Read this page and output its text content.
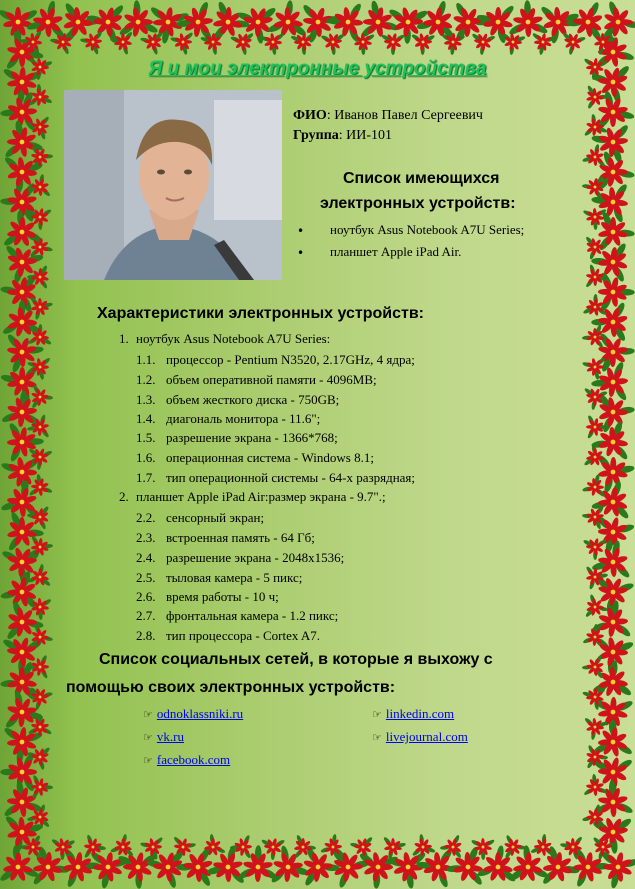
Я и мои электронные устройства
ФИО: Иванов Павел Сергеевич
Группа: ИИ-101
Список имеющихся
электронных устройств:
• ноутбук Asus Notebook A7U Series;
• планшет Apple iPad Air.
Характеристики электронных устройств:
1. ноутбук Asus Notebook A7U Series:
1.1. процессор - Pentium N3520, 2.17GHz, 4 ядра;
1.2. объем оперативной памяти - 4096MB;
1.3. объем жесткого диска - 750GB;
1.4. диагональ монитора - 11.6";
1.5. разрешение экрана - 1366*768;
1.6. операционная система - Windows 8.1;
1.7. тип операционной системы - 64-х разрядная;
2. планшет Apple iPad Air:размер экрана - 9.7".;
2.2. сенсорный экран;
2.3. встроенная память - 64 Гб;
2.4. разрешение экрана - 2048x1536;
2.5. тыловая камера - 5 пикс;
2.6. время работы - 10 ч;
2.7. фронтальная камера - 1.2 пикс;
2.8. тип процессора - Cortex A7.
Список социальных сетей, в которые я выхожу с
помощью своих электронных устройств:
☞ odnoklassniki.ru
☞ vk.ru
☞ facebook.com
☞ linkedin.com
☞ livejournal.com
